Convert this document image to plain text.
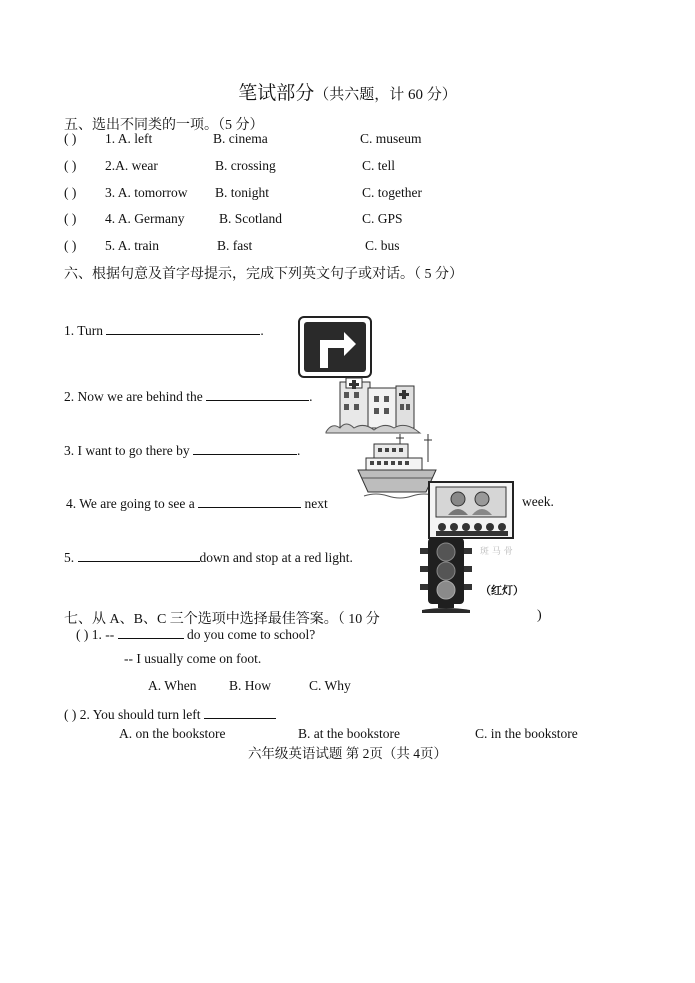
笔试部分（共六题，计 60 分）
五、选出不同类的一项。（5 分）
( ) 1. A. left	B. cinema	C. museum
( ) 2.A. wear	B. crossing	C. tell
( ) 3. A. tomorrow B. tonight	C. together
( ) 4. A. Germany	B. Scotland	C. GPS
( ) 5. A. train	B. fast	C. bus
六、根据句意及首字母提示，完成下列英文句子或对话。（ 5 分）
1. Turn	.
2. Now we are behind the	.
3. I want to go there by	.
4. We are going to see a	next	week.
5.	down and stop at a red light.	斑 马 骨
（红灯）
七、从 A、B、C 三个选项中选择最佳答案。（ 10 分	)
( ) 1. --	do you come to school?
-- I usually come on foot.
A. When B. How	C. Why
( ) 2. You should turn left
A. on the bookstore	B. at the bookstore	C. in the bookstore
六年级英语试题 第 2页（共 4页）
